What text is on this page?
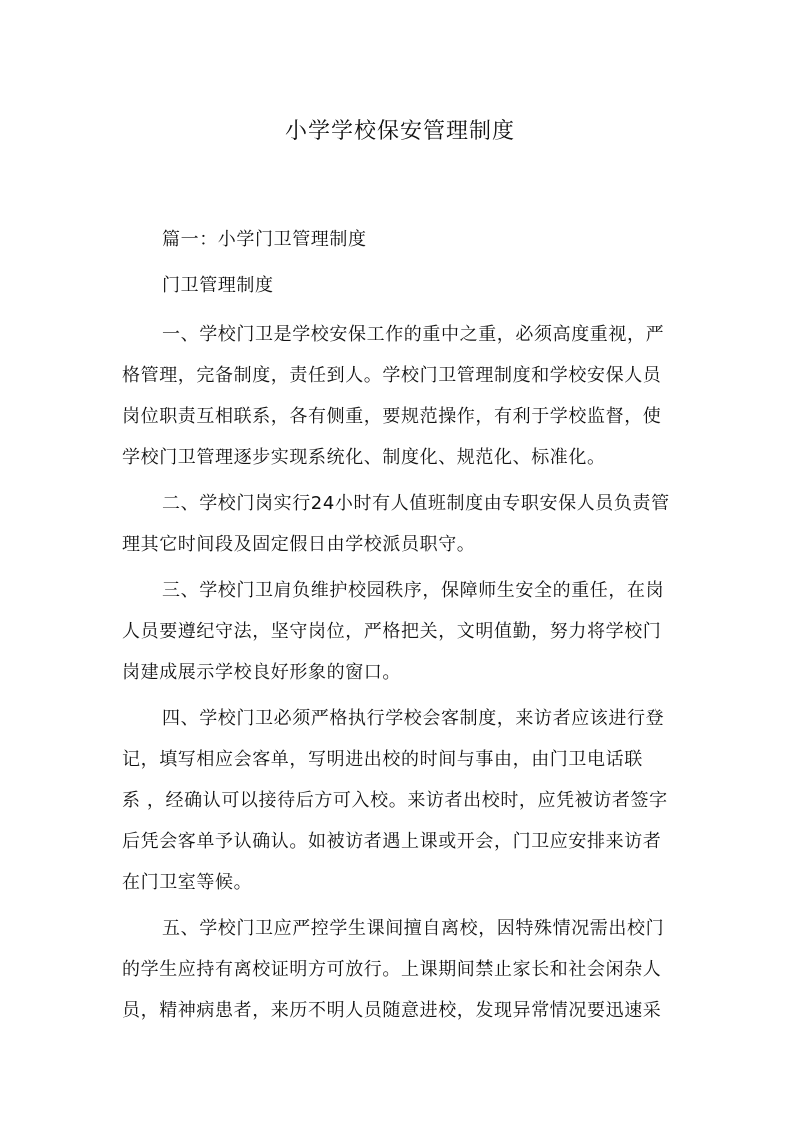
小学学校保安管理制度
篇一：小学门卫管理制度
门卫管理制度
一、学校门卫是学校安保工作的重中之重，必须高度重视，严
格管理，完备制度，责任到人。学校门卫管理制度和学校安保人员
岗位职责互相联系，各有侧重，要规范操作，有利于学校监督，使
学校门卫管理逐步实现系统化、制度化、规范化、标准化。
二、学校门岗实行24小时有人值班制度由专职安保人员负责管
理其它时间段及固定假日由学校派员职守。
三、学校门卫肩负维护校园秩序，保障师生安全的重任，在岗
人员要遵纪守法，坚守岗位，严格把关，文明值勤，努力将学校门
岗建成展示学校良好形象的窗口。
四、学校门卫必须严格执行学校会客制度，来访者应该进行登
记，填写相应会客单，写明进出校的时间与事由，由门卫电话联
系 ，经确认可以接待后方可入校。来访者出校时，应凭被访者签字
后凭会客单予认确认。如被访者遇上课或开会，门卫应安排来访者
在门卫室等候。
五、学校门卫应严控学生课间擅自离校，因特殊情况需出校门
的学生应持有离校证明方可放行。上课期间禁止家长和社会闲杂人
员，精神病患者，来历不明人员随意进校，发现异常情况要迅速采
